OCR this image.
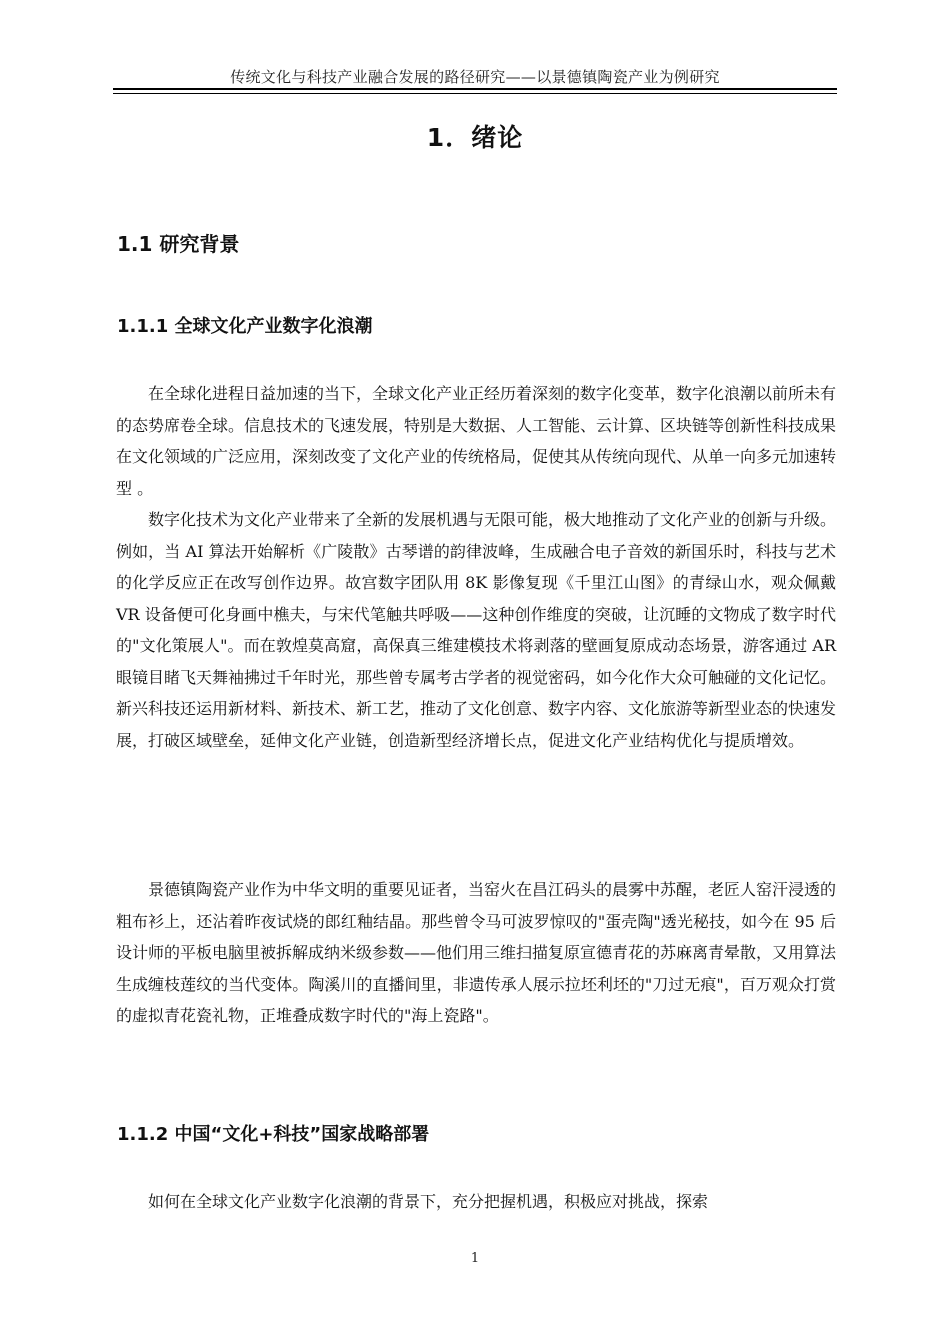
传统文化与科技产业融合发展的路径研究——以景德镇陶瓷产业为例研究
1．绪论
1.1 研究背景
1.1.1 全球文化产业数字化浪潮

在全球化进程日益加速的当下，全球文化产业正经历着深刻的数字化变革，数字化浪潮以前所未有的态势席卷全球。信息技术的飞速发展，特别是大数据、人工智能、云计算、区块链等创新性科技成果在文化领域的广泛应用，深刻改变了文化产业的传统格局，促使其从传统向现代、从单一向多元加速转型 。

数字化技术为文化产业带来了全新的发展机遇与无限可能，极大地推动了文化产业的创新与升级。例如，当 AI 算法开始解析《广陵散》古琴谱的韵律波峰，生成融合电子音效的新国乐时，科技与艺术的化学反应正在改写创作边界。故宫数字团队用 8K 影像复现《千里江山图》的青绿山水，观众佩戴 VR 设备便可化身画中樵夫，与宋代笔触共呼吸——这种创作维度的突破，让沉睡的文物成了数字时代的"文化策展人"。而在敦煌莫高窟，高保真三维建模技术将剥落的壁画复原成动态场景，游客通过 AR 眼镜目睹飞天舞袖拂过千年时光，那些曾专属考古学者的视觉密码，如今化作大众可触碰的文化记忆。新兴科技还运用新材料、新技术、新工艺，推动了文化创意、数字内容、文化旅游等新型业态的快速发展，打破区域壁垒，延伸文化产业链，创造新型经济增长点，促进文化产业结构优化与提质增效。

景德镇陶瓷产业作为中华文明的重要见证者，当窑火在昌江码头的晨雾中苏醒，老匠人窑汗浸透的粗布衫上，还沾着昨夜试烧的郎红釉结晶。那些曾令马可波罗惊叹的"蛋壳陶"透光秘技，如今在 95 后设计师的平板电脑里被拆解成纳米级参数——他们用三维扫描复原宣德青花的苏麻离青晕散，又用算法生成缠枝莲纹的当代变体。陶溪川的直播间里，非遗传承人展示拉坯利坯的"刀过无痕"，百万观众打赏的虚拟青花瓷礼物，正堆叠成数字时代的"海上瓷路"。

1.1.2 中国“文化+科技”国家战略部署

如何在全球文化产业数字化浪潮的背景下，充分把握机遇，积极应对挑战，探索

1
